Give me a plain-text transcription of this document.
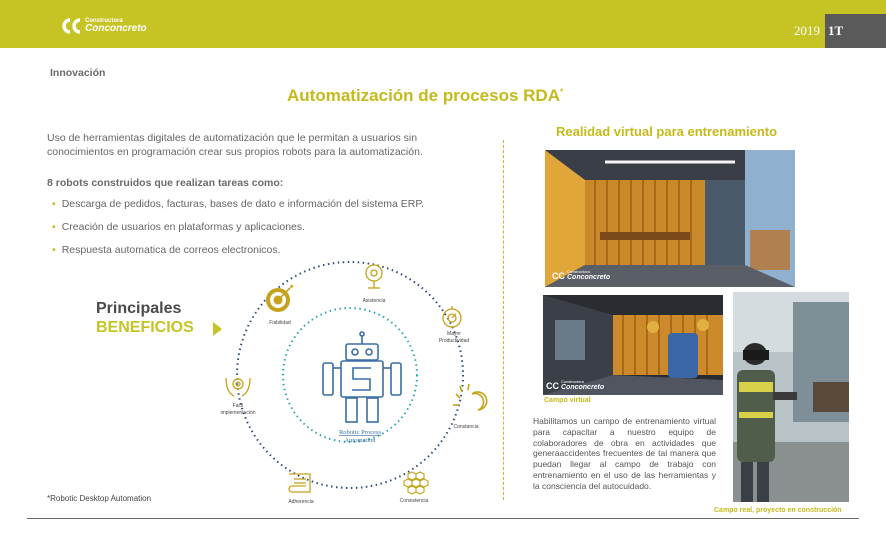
Constructora
Conconcreto	2019 1T
Innovación
Automatización de procesos RDA*

Uso de herramientas digitales de automatización que le permitan a usuarios sin conocimientos en programación crear sus propios robots para la automatización.

8 robots construidos que realizan tareas como:
• Descarga de pedidos, facturas, bases de dato e información del sistema ERP.
• Creación de usuarios en plataformas y aplicaciones.
• Respuesta automatica de correos electronicos.
Principales
BENEFICIOS
Robotic Process
Automation
Asistencia
Mayor
Productividad
Constancia
Consistencia
Adherencia
Fácil
implementación
Fiabilidad
*Robotic Desktop Automation
Realidad virtual para entrenamiento
CC Constructora
Conconcreto
CC Constructora
Conconcreto
Campo virtual
Campo real, proyecto en construcción

Habilitamos un campo de entrenamiento virtual para capacitar a nuestro equipo de colaboradores de obra en actividades que generaaccidentes frecuentes de tal manera que puedan llegar al campo de trabajo con entrenamiento en el uso de las herramientas y la consciencia del autocuidado.
